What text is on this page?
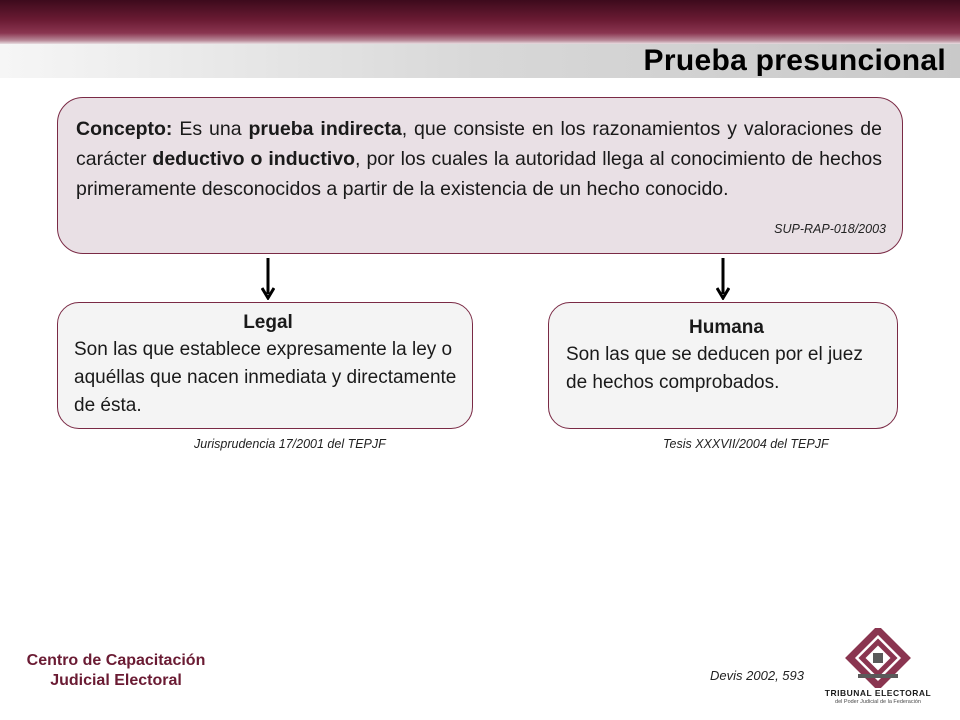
Prueba presuncional

Concepto: Es una prueba indirecta, que consiste en los razonamientos y valoraciones de carácter deductivo o inductivo, por los cuales la autoridad llega al conocimiento de hechos primeramente desconocidos a partir de la existencia de un hecho conocido.

SUP-RAP-018/2003
Legal

Son las que establece expresamente la ley o aquéllas que nacen inmediata y directamente de ésta.

Jurisprudencia 17/2001 del TEPJF
Humana

Son las que se deducen por el juez de hechos comprobados.

Tesis XXXVII/2004 del TEPJF
Centro de Capacitación
Judicial Electoral	Devis 2002, 593
TRIBUNAL ELECTORAL
del Poder Judicial de la Federación
